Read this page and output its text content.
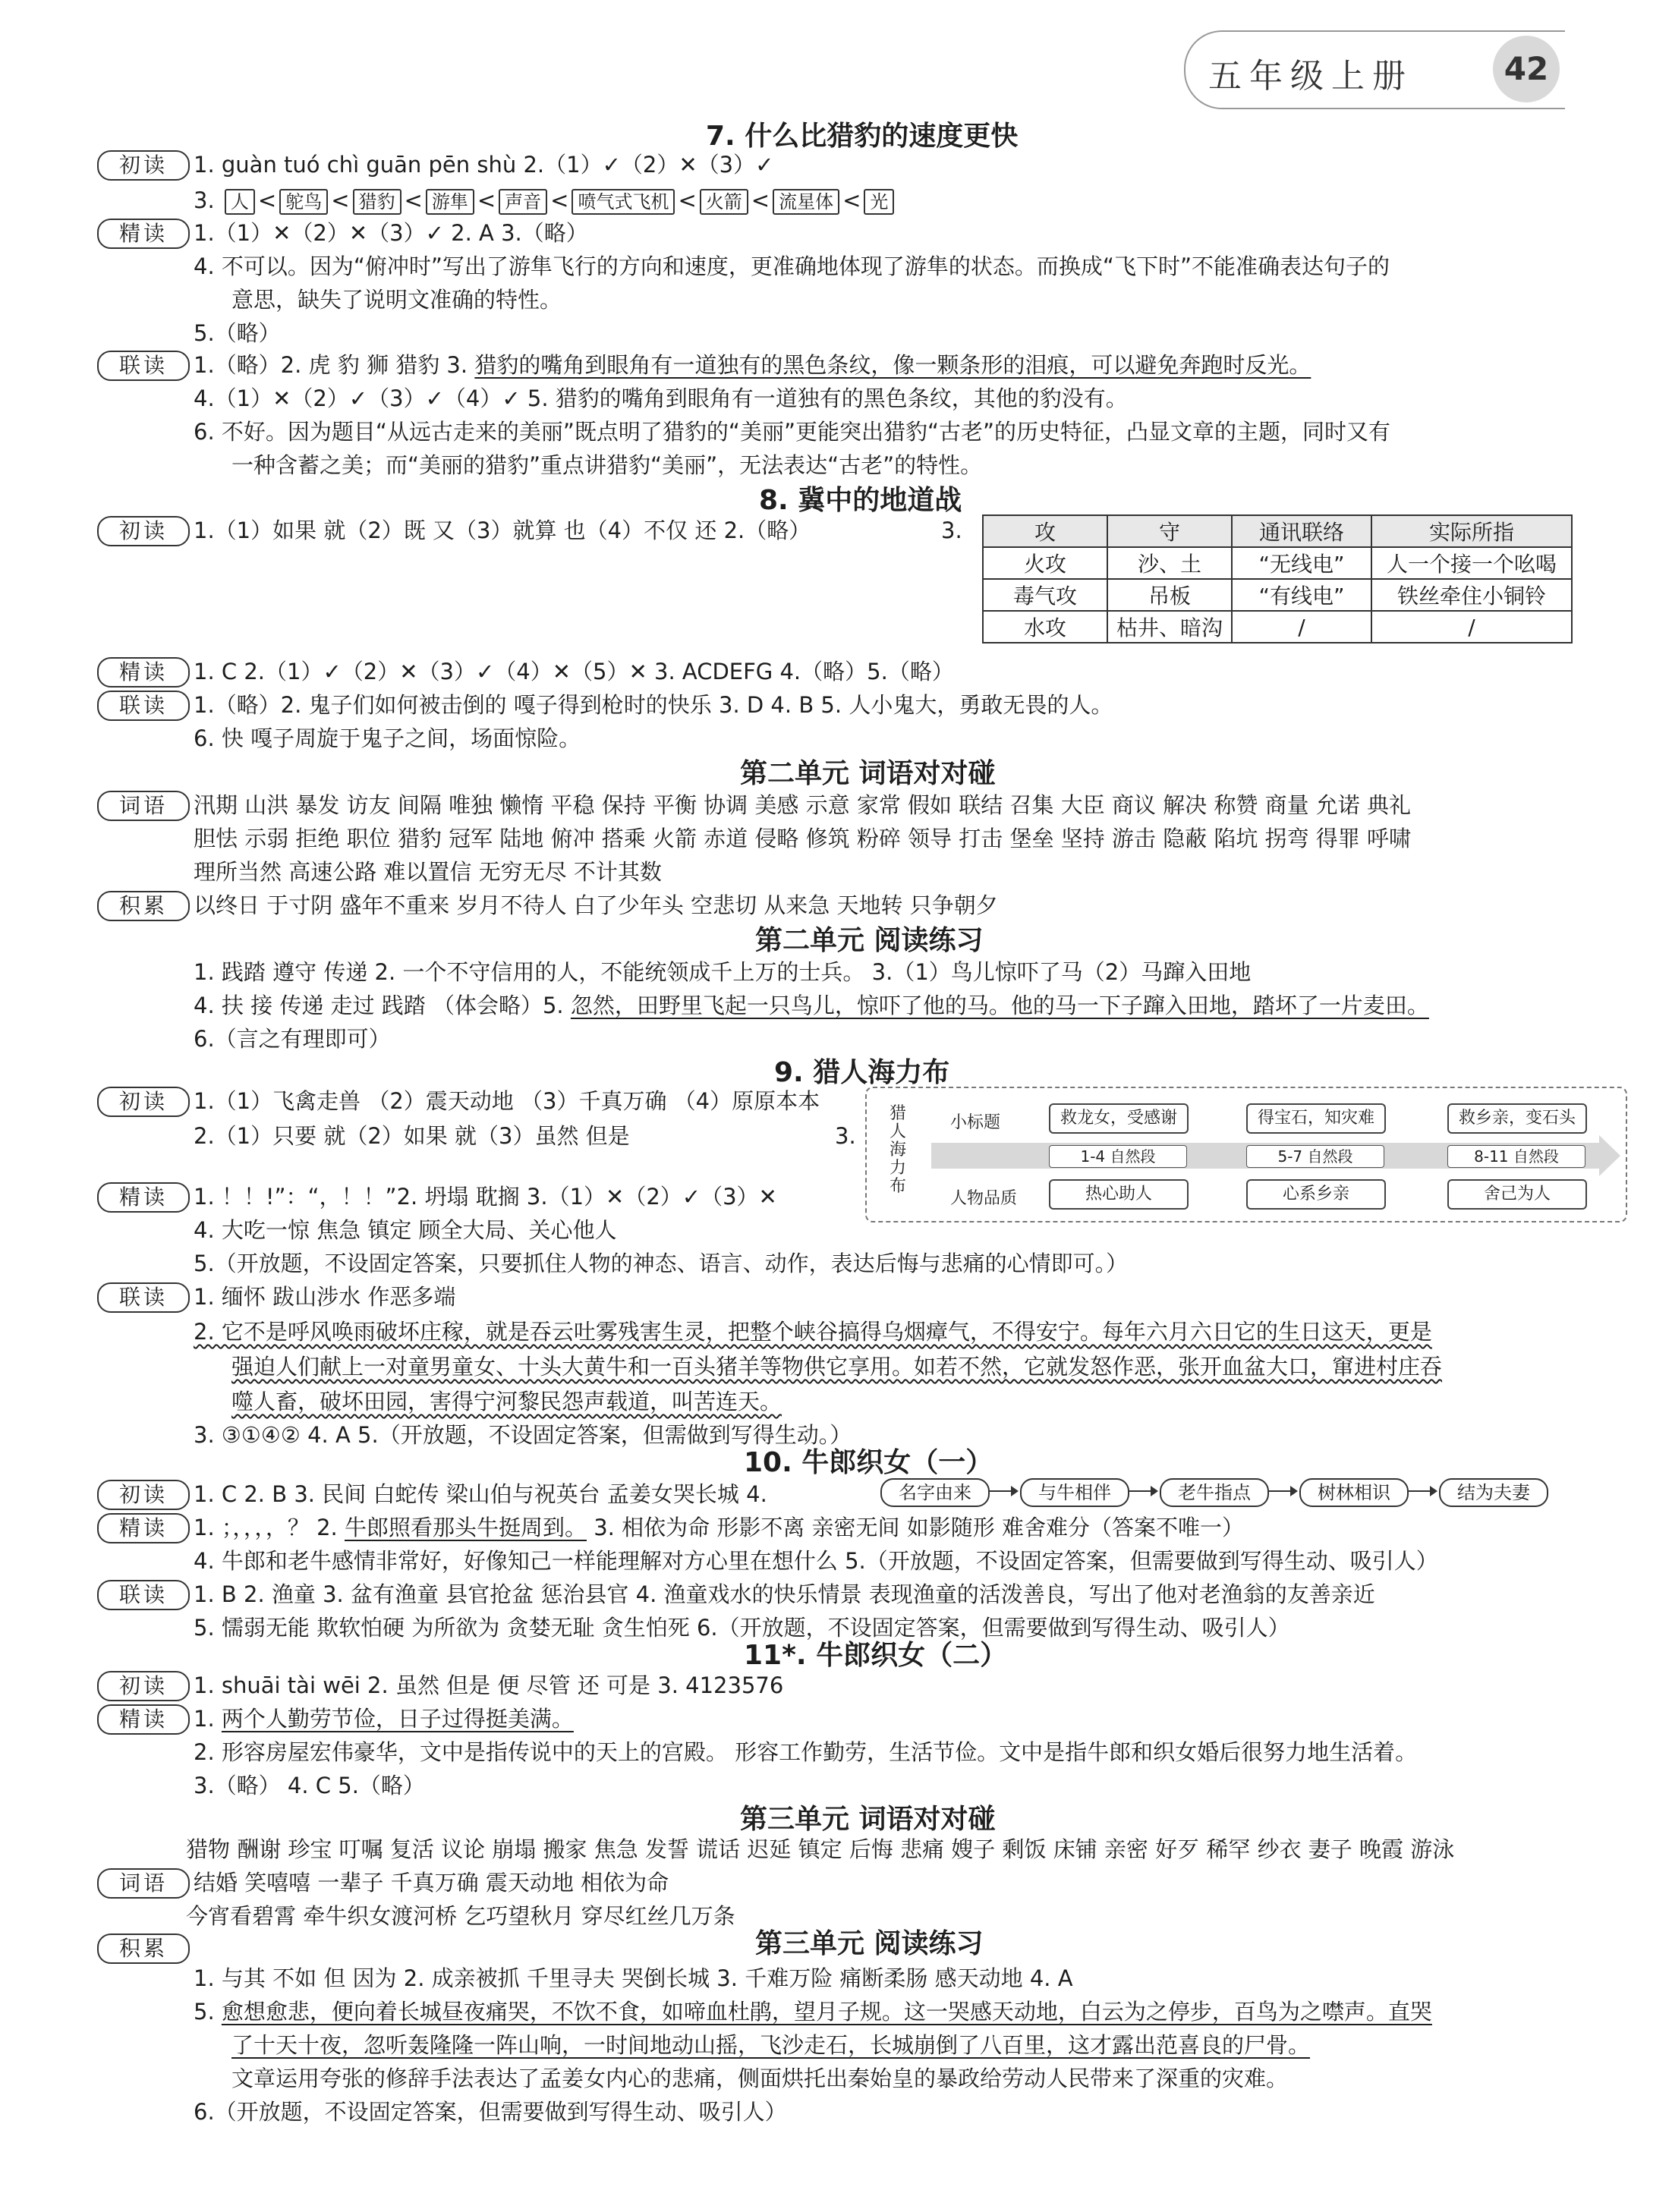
五年级上册	42
7. 什么比猎豹的速度更快
初读	1. guàn tuó chì guān pēn shù 2.（1）✓（2）✕（3）✓
3. 人 < 鸵鸟 < 猎豹 < 游隼 < 声音 < 喷气式飞机 < 火箭 < 流星体 < 光
精读	1.（1）✕（2）✕（3）✓ 2. A 3.（略）
4. 不可以。因为“俯冲时”写出了游隼飞行的方向和速度，更准确地体现了游隼的状态。而换成“飞下时”不能准确表达句子的
意思，缺失了说明文准确的特性。
5.（略）
联读	1.（略）2. 虎 豹 狮 猎豹 3. 猎豹的嘴角到眼角有一道独有的黑色条纹，像一颗条形的泪痕，可以避免奔跑时反光。
4.（1）✕（2）✓（3）✓（4）✓ 5. 猎豹的嘴角到眼角有一道独有的黑色条纹，其他的豹没有。
6. 不好。因为题目“从远古走来的美丽”既点明了猎豹的“美丽”更能突出猎豹“古老”的历史特征，凸显文章的主题，同时又有
一种含蓄之美；而“美丽的猎豹”重点讲猎豹“美丽”，无法表达“古老”的特性。
8. 冀中的地道战
初读	1.（1）如果 就（2）既 又（3）就算 也（4）不仅 还 2.（略）	3.	攻	守	通讯联络	实际所指
火攻	沙、土	“无线电”	人一个接一个吆喝
毒气攻	吊板	“有线电”	铁丝牵住小铜铃
水攻	枯井、暗沟	/	/
精读	1. C 2.（1）✓（2）✕（3）✓（4）✕（5）✕ 3. ACDEFG 4.（略）5.（略）
联读	1.（略）2. 鬼子们如何被击倒的 嘎子得到枪时的快乐 3. D 4. B 5. 人小鬼大，勇敢无畏的人。
6. 快 嘎子周旋于鬼子之间，场面惊险。
第二单元 词语对对碰
词语	汛期 山洪 暴发 访友 间隔 唯独 懒惰 平稳 保持 平衡 协调 美感 示意 家常 假如 联结 召集 大臣 商议 解决 称赞 商量 允诺 典礼
胆怯 示弱 拒绝 职位 猎豹 冠军 陆地 俯冲 搭乘 火箭 赤道 侵略 修筑 粉碎 领导 打击 堡垒 坚持 游击 隐蔽 陷坑 拐弯 得罪 呼啸
理所当然 高速公路 难以置信 无穷无尽 不计其数
积累	以终日 于寸阴 盛年不重来 岁月不待人 白了少年头 空悲切 从来急 天地转 只争朝夕
第二单元 阅读练习
1. 践踏 遵守 传递 2. 一个不守信用的人，不能统领成千上万的士兵。 3.（1）鸟儿惊吓了马（2）马蹿入田地
4. 扶 接 传递 走过 践踏 （体会略）5. 忽然，田野里飞起一只鸟儿，惊吓了他的马。他的马一下子蹿入田地，踏坏了一片麦田。
6.（言之有理即可）
9. 猎人海力布
初读	1.（1）飞禽走兽 （2）震天动地 （3）千真万确 （4）原原本本
2.（1）只要 就（2）如果 就（3）虽然 但是	3.
猎人海力布
小标题	救龙女，受感谢	得宝石，知灾难	救乡亲，变石头
1-4 自然段	5-7 自然段	8-11 自然段
人物品质	热心助人	心系乡亲	舍己为人
精读	1. ！！!”：“，！！”2. 坍塌 耽搁 3.（1）✕（2）✓（3）✕
4. 大吃一惊 焦急 镇定 顾全大局、关心他人
5.（开放题，不设固定答案，只要抓住人物的神态、语言、动作，表达后悔与悲痛的心情即可。）
联读	1. 缅怀 跋山涉水 作恶多端
2. 它不是呼风唤雨破坏庄稼，就是吞云吐雾残害生灵，把整个峡谷搞得乌烟瘴气，不得安宁。每年六月六日它的生日这天，更是
强迫人们献上一对童男童女、十头大黄牛和一百头猪羊等物供它享用。如若不然，它就发怒作恶，张开血盆大口，窜进村庄吞
噬人畜，破坏田园，害得宁河黎民怨声载道，叫苦连天。
3. ③①④② 4. A 5.（开放题，不设固定答案，但需做到写得生动。）
10. 牛郎织女（一）
初读	1. C 2. B 3. 民间 白蛇传 梁山伯与祝英台 孟姜女哭长城 4.	名字由来	与牛相伴	老牛指点	树林相识	结为夫妻
精读	1. ；，，，，？ 2. 牛郎照看那头牛挺周到。 3. 相依为命 形影不离 亲密无间 如影随形 难舍难分（答案不唯一）
4. 牛郎和老牛感情非常好，好像知己一样能理解对方心里在想什么 5.（开放题，不设固定答案，但需要做到写得生动、吸引人）
联读	1. B 2. 渔童 3. 盆有渔童 县官抢盆 惩治县官 4. 渔童戏水的快乐情景 表现渔童的活泼善良，写出了他对老渔翁的友善亲近
5. 懦弱无能 欺软怕硬 为所欲为 贪婪无耻 贪生怕死 6.（开放题，不设固定答案，但需要做到写得生动、吸引人）
11*. 牛郎织女（二）
初读	1. shuāi tài wēi 2. 虽然 但是 便 尽管 还 可是 3. 4123576
精读	1. 两个人勤劳节俭，日子过得挺美满。
2. 形容房屋宏伟豪华，文中是指传说中的天上的宫殿。 形容工作勤劳，生活节俭。文中是指牛郎和织女婚后很努力地生活着。
3.（略） 4. C 5.（略）
第三单元 词语对对碰
猎物 酬谢 珍宝 叮嘱 复活 议论 崩塌 搬家 焦急 发誓 谎话 迟延 镇定 后悔 悲痛 嫂子 剩饭 床铺 亲密 好歹 稀罕 纱衣 妻子 晚霞 游泳
词语	结婚 笑嘻嘻 一辈子 千真万确 震天动地 相依为命
今宵看碧霄 牵牛织女渡河桥 乞巧望秋月 穿尽红丝几万条
第三单元 阅读练习
积累
1. 与其 不如 但 因为 2. 成亲被抓 千里寻夫 哭倒长城 3. 千难万险 痛断柔肠 感天动地 4. A
5. 愈想愈悲，便向着长城昼夜痛哭，不饮不食，如啼血杜鹃，望月子规。这一哭感天动地，白云为之停步，百鸟为之噤声。直哭
了十天十夜，忽听轰隆隆一阵山响，一时间地动山摇，飞沙走石，长城崩倒了八百里，这才露出范喜良的尸骨。
文章运用夸张的修辞手法表达了孟姜女内心的悲痛，侧面烘托出秦始皇的暴政给劳动人民带来了深重的灾难。
6.（开放题，不设固定答案，但需要做到写得生动、吸引人）
